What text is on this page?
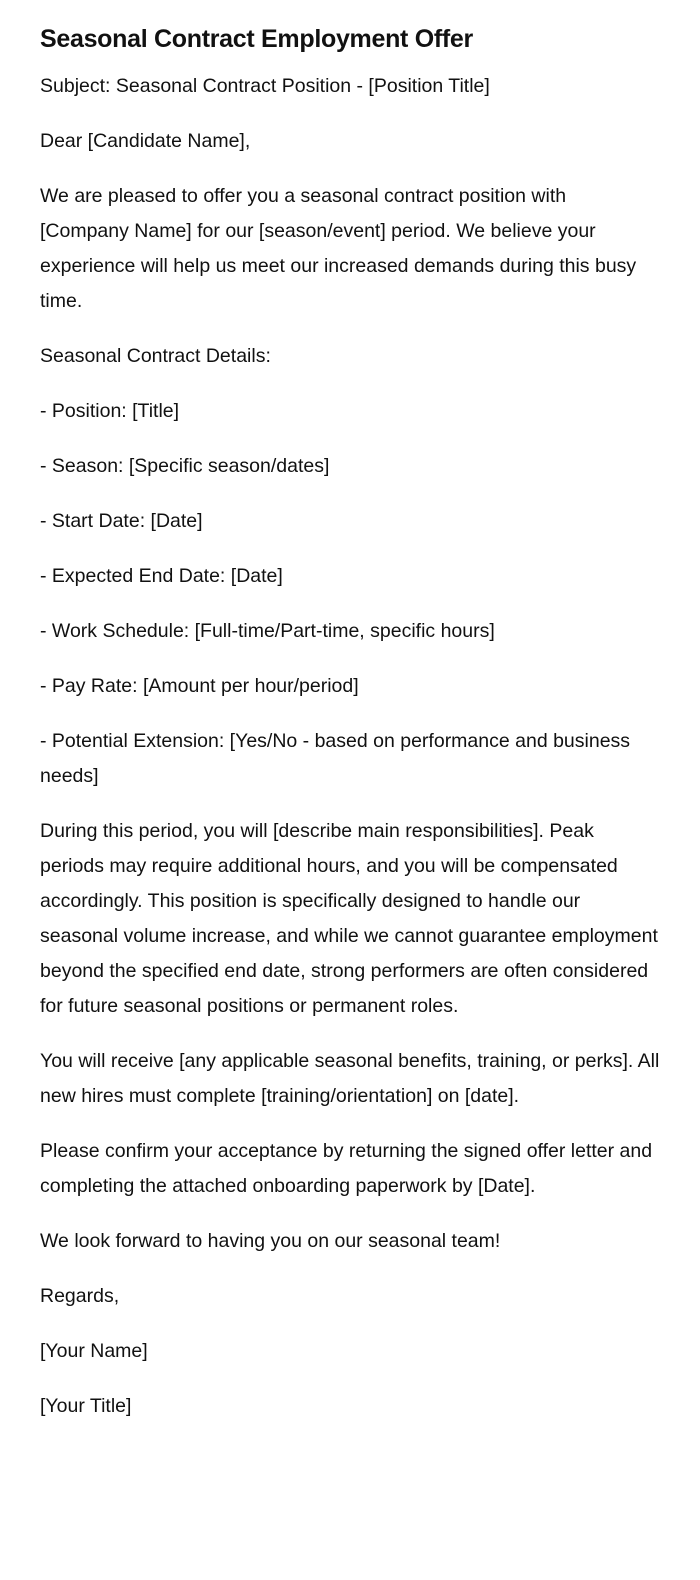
Seasonal Contract Employment Offer

Subject: Seasonal Contract Position - [Position Title]

Dear [Candidate Name],

We are pleased to offer you a seasonal contract position with [Company Name] for our [season/event] period. We believe your experience will help us meet our increased demands during this busy time.

Seasonal Contract Details:

- Position: [Title]

- Season: [Specific season/dates]

- Start Date: [Date]

- Expected End Date: [Date]

- Work Schedule: [Full-time/Part-time, specific hours]

- Pay Rate: [Amount per hour/period]

- Potential Extension: [Yes/No - based on performance and business needs]

During this period, you will [describe main responsibilities]. Peak periods may require additional hours, and you will be compensated accordingly. This position is specifically designed to handle our seasonal volume increase, and while we cannot guarantee employment beyond the specified end date, strong performers are often considered for future seasonal positions or permanent roles.

You will receive [any applicable seasonal benefits, training, or perks]. All new hires must complete [training/orientation] on [date].

Please confirm your acceptance by returning the signed offer letter and completing the attached onboarding paperwork by [Date].

We look forward to having you on our seasonal team!

Regards,

[Your Name]

[Your Title]
